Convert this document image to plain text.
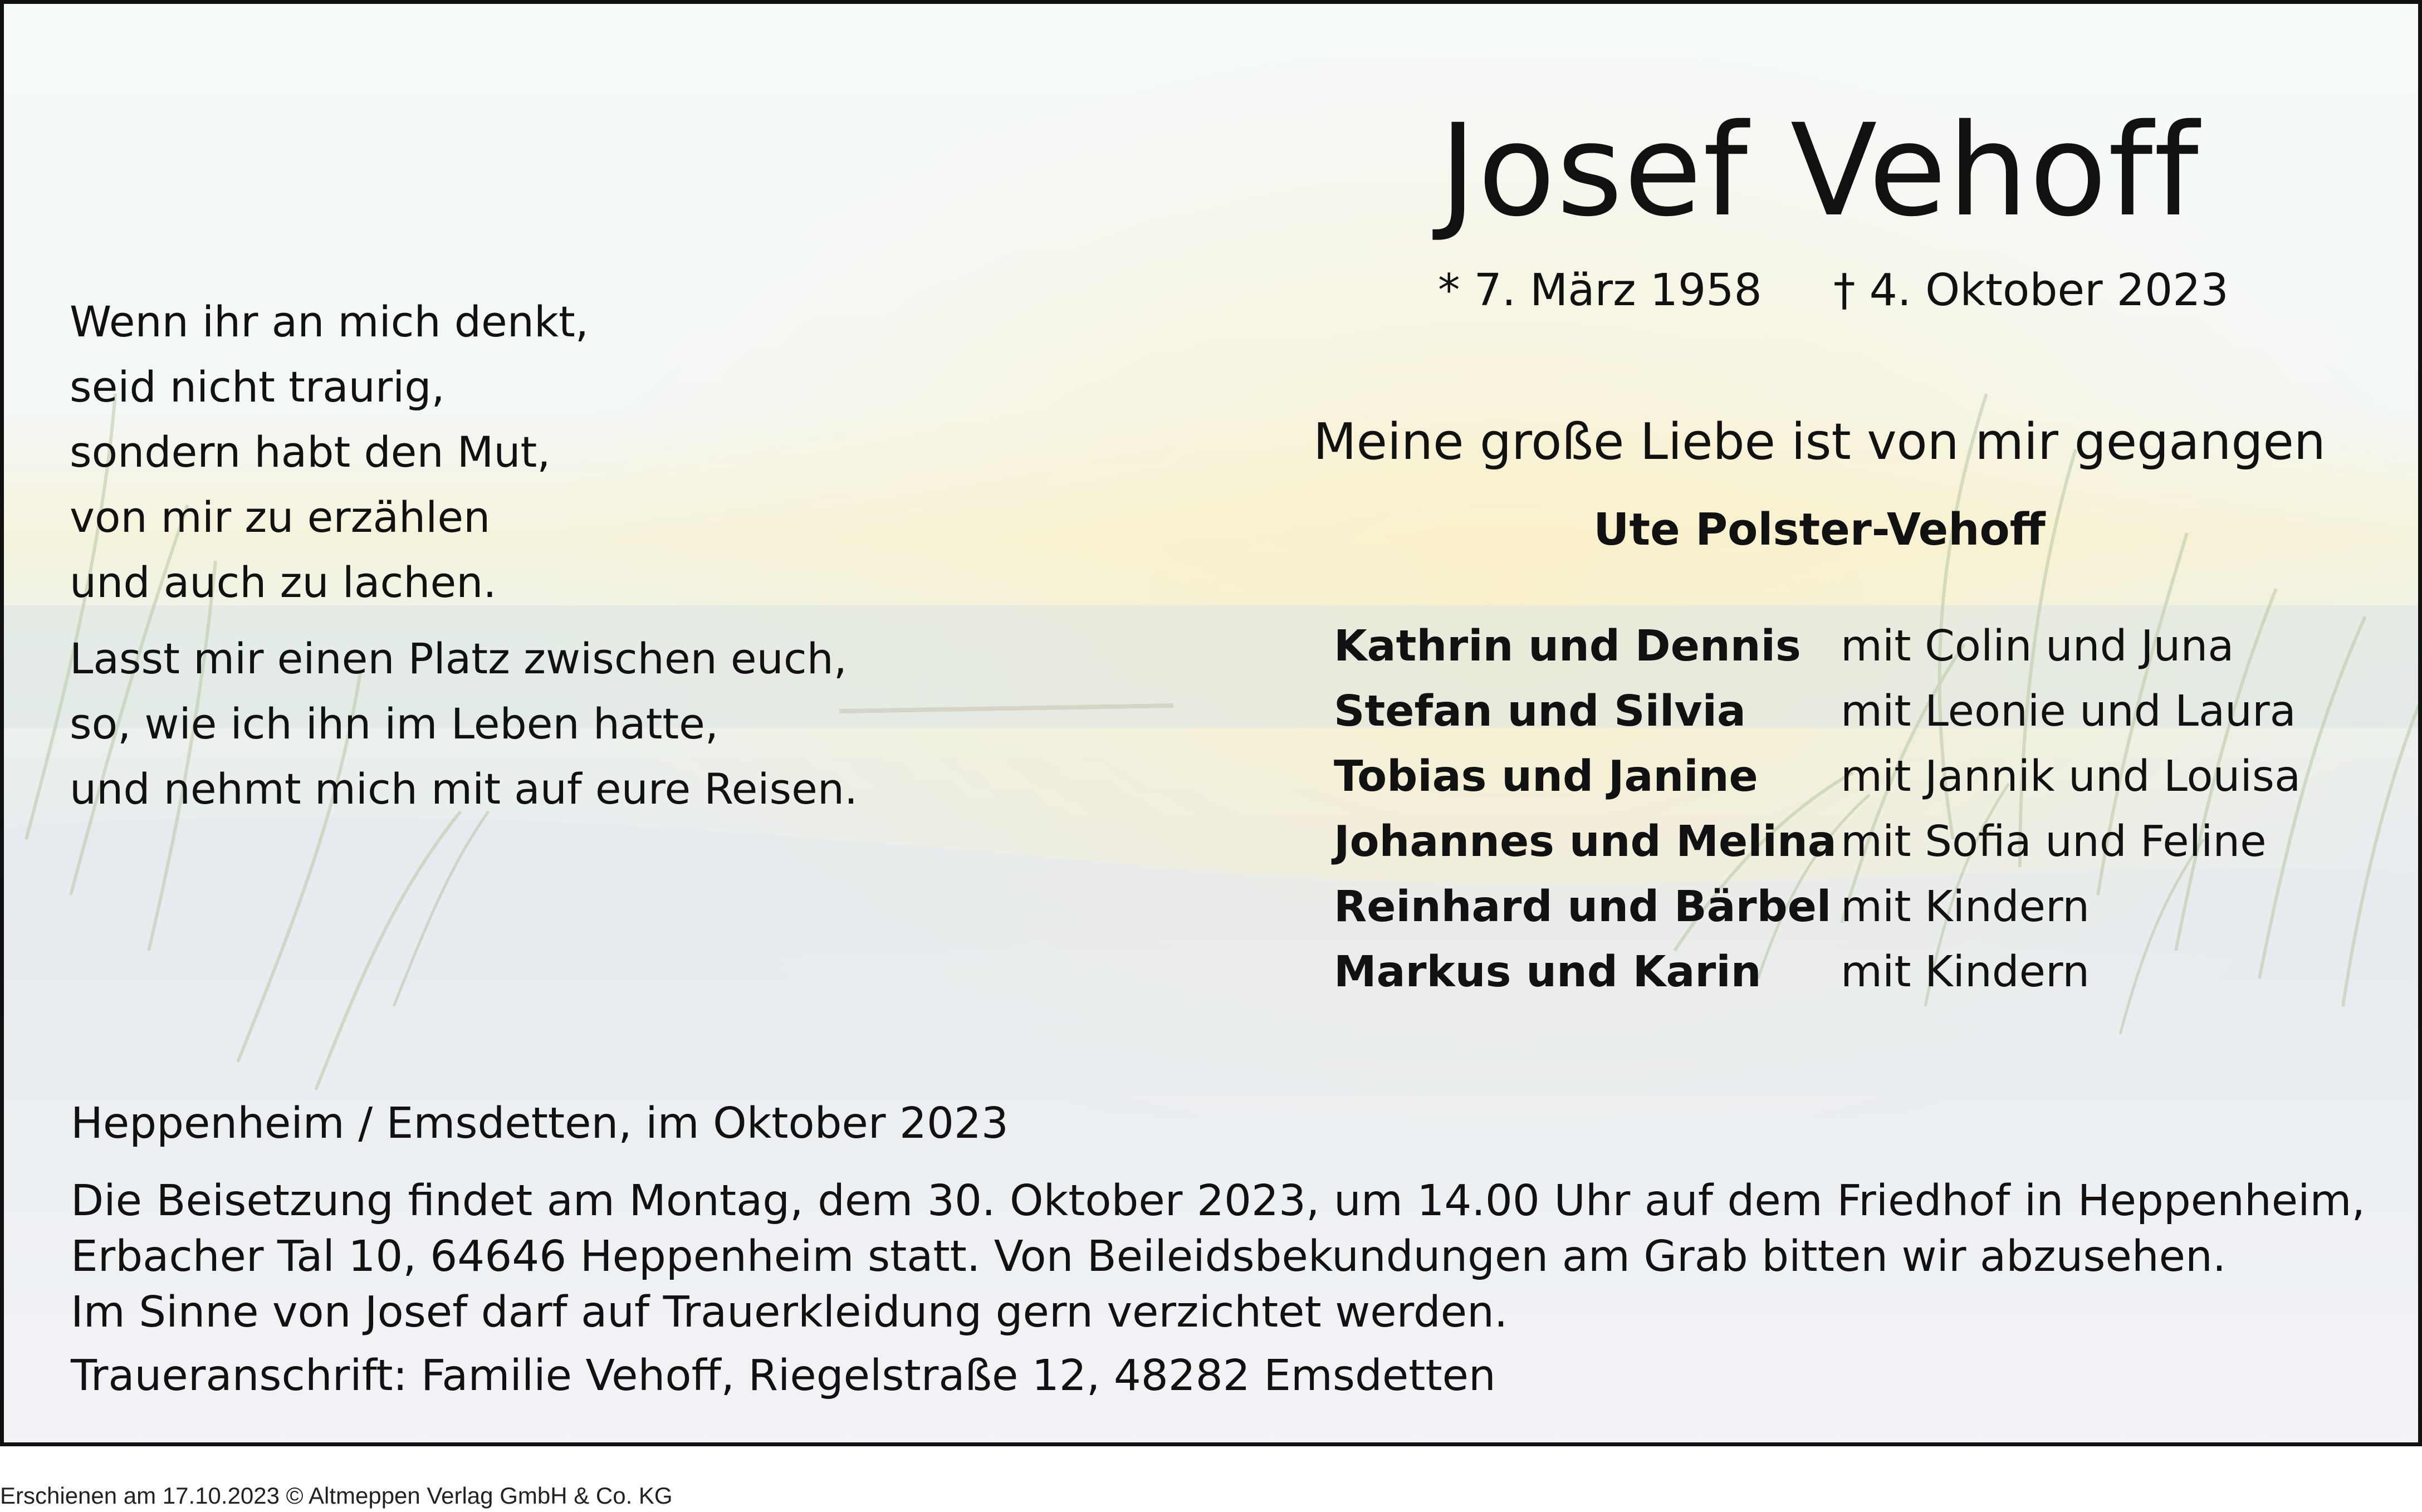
Josef Vehoff
* 7. März 1958 † 4. Oktober 2023
Meine große Liebe ist von mir gegangen
Ute Polster-Vehoff
Kathrin und Dennis mit Colin und Juna
Stefan und Silvia mit Leonie und Laura
Tobias und Janine mit Jannik und Louisa
Johannes und Melina mit Sofia und Feline
Reinhard und Bärbel mit Kindern
Markus und Karin mit Kindern
Wenn ihr an mich denkt,
seid nicht traurig,
sondern habt den Mut,
von mir zu erzählen
und auch zu lachen.
Lasst mir einen Platz zwischen euch,
so, wie ich ihn im Leben hatte,
und nehmt mich mit auf eure Reisen.
Heppenheim / Emsdetten, im Oktober 2023
Die Beisetzung findet am Montag, dem 30. Oktober 2023, um 14.00 Uhr auf dem Friedhof in Heppenheim,
Erbacher Tal 10, 64646 Heppenheim statt. Von Beileidsbekundungen am Grab bitten wir abzusehen.
Im Sinne von Josef darf auf Trauerkleidung gern verzichtet werden.
Traueranschrift: Familie Vehoff, Riegelstraße 12, 48282 Emsdetten
Erschienen am 17.10.2023 © Altmeppen Verlag GmbH & Co. KG
